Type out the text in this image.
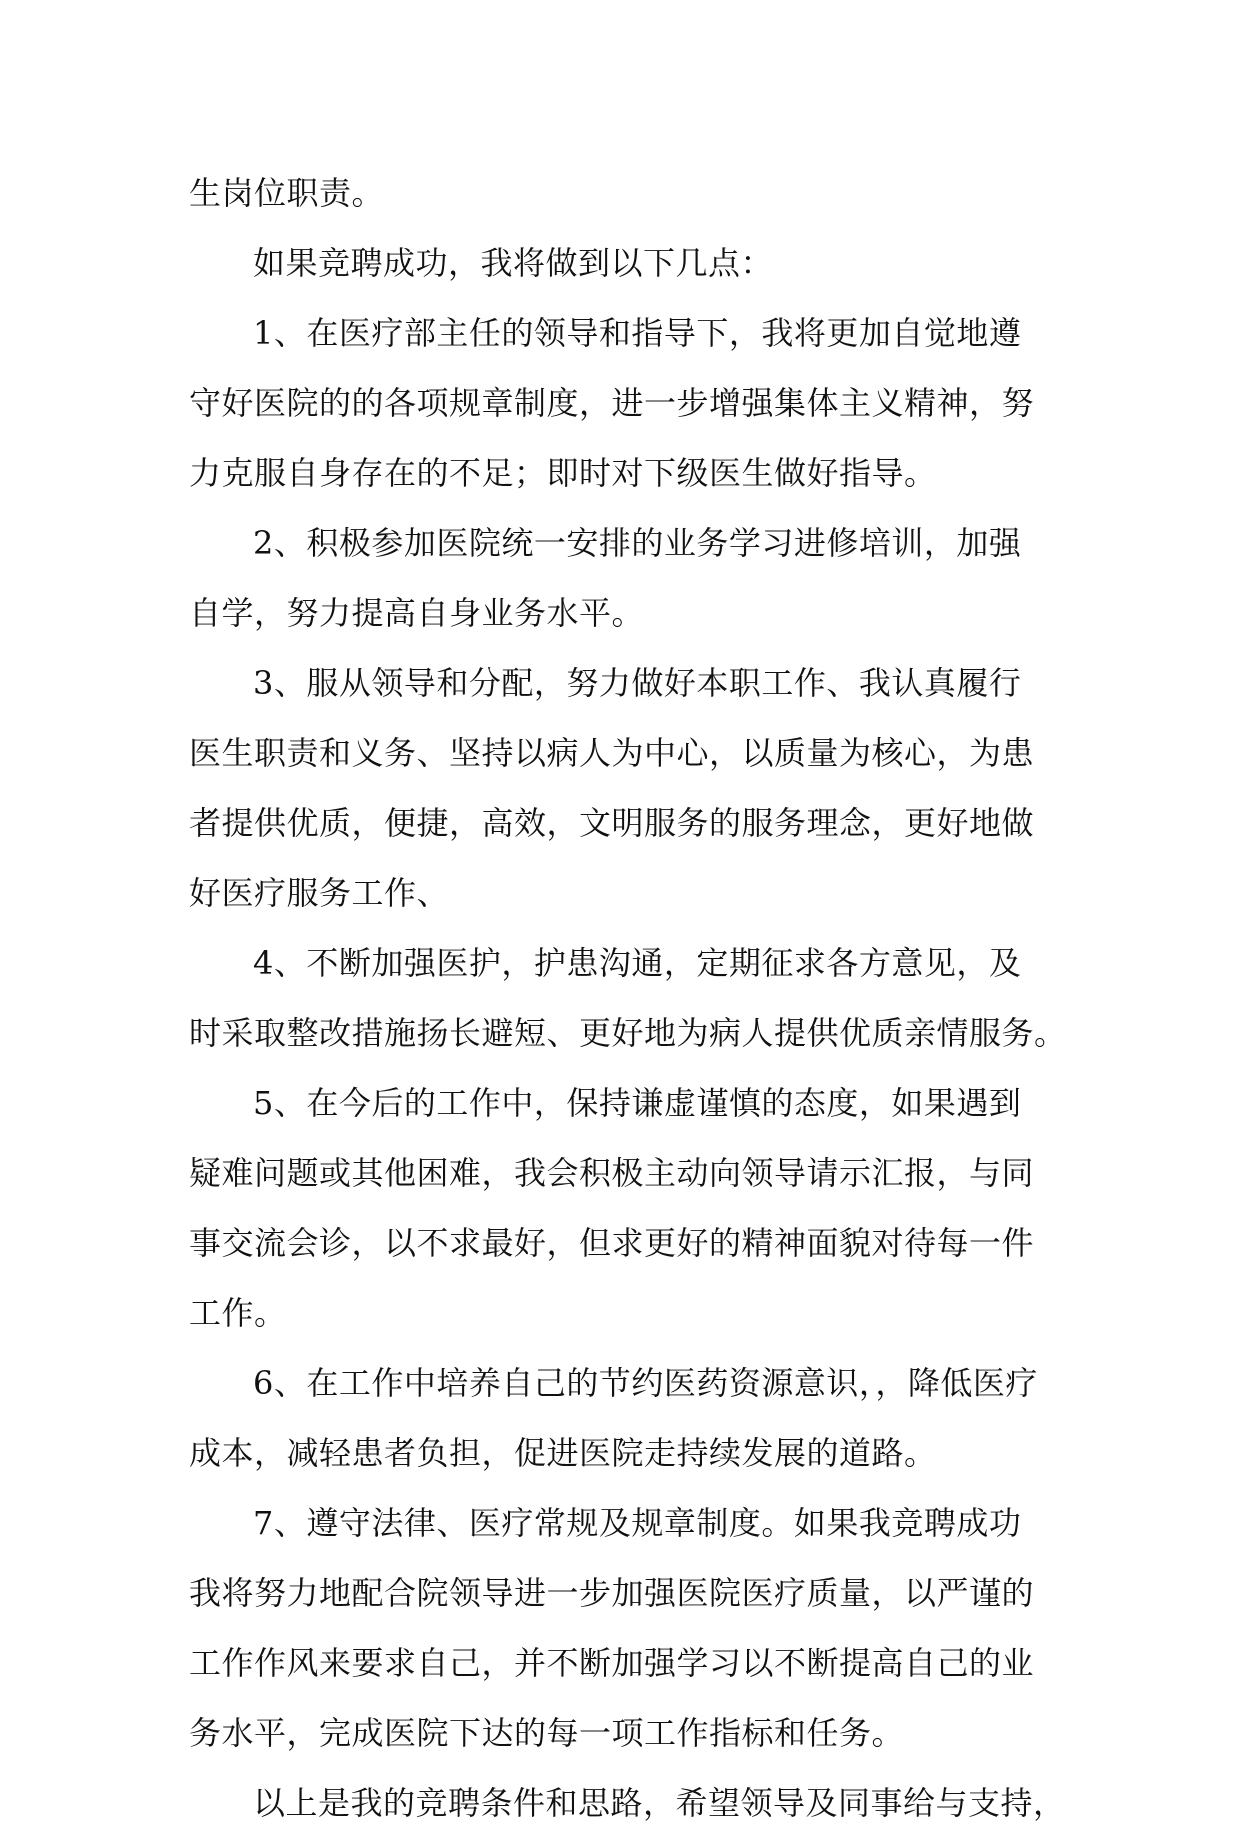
生岗位职责。
如果竞聘成功，我将做到以下几点：
1、在医疗部主任的领导和指导下，我将更加自觉地遵
守好医院的的各项规章制度，进一步增强集体主义精神，努
力克服自身存在的不足；即时对下级医生做好指导。
2、积极参加医院统一安排的业务学习进修培训，加强
自学，努力提高自身业务水平。
3、服从领导和分配，努力做好本职工作、我认真履行
医生职责和义务、坚持以病人为中心，以质量为核心，为患
者提供优质，便捷，高效，文明服务的服务理念，更好地做
好医疗服务工作、
4、不断加强医护，护患沟通，定期征求各方意见，及
时采取整改措施扬长避短、更好地为病人提供优质亲情服务。
5、在今后的工作中，保持谦虚谨慎的态度，如果遇到
疑难问题或其他困难，我会积极主动向领导请示汇报，与同
事交流会诊，以不求最好，但求更好的精神面貌对待每一件
工作。
6、在工作中培养自己的节约医药资源意识，，降低医疗
成本，减轻患者负担，促进医院走持续发展的道路。
7、遵守法律、医疗常规及规章制度。如果我竞聘成功
我将努力地配合院领导进一步加强医院医疗质量，以严谨的
工作作风来要求自己，并不断加强学习以不断提高自己的业
务水平，完成医院下达的每一项工作指标和任务。
以上是我的竞聘条件和思路，希望领导及同事给与支持，
